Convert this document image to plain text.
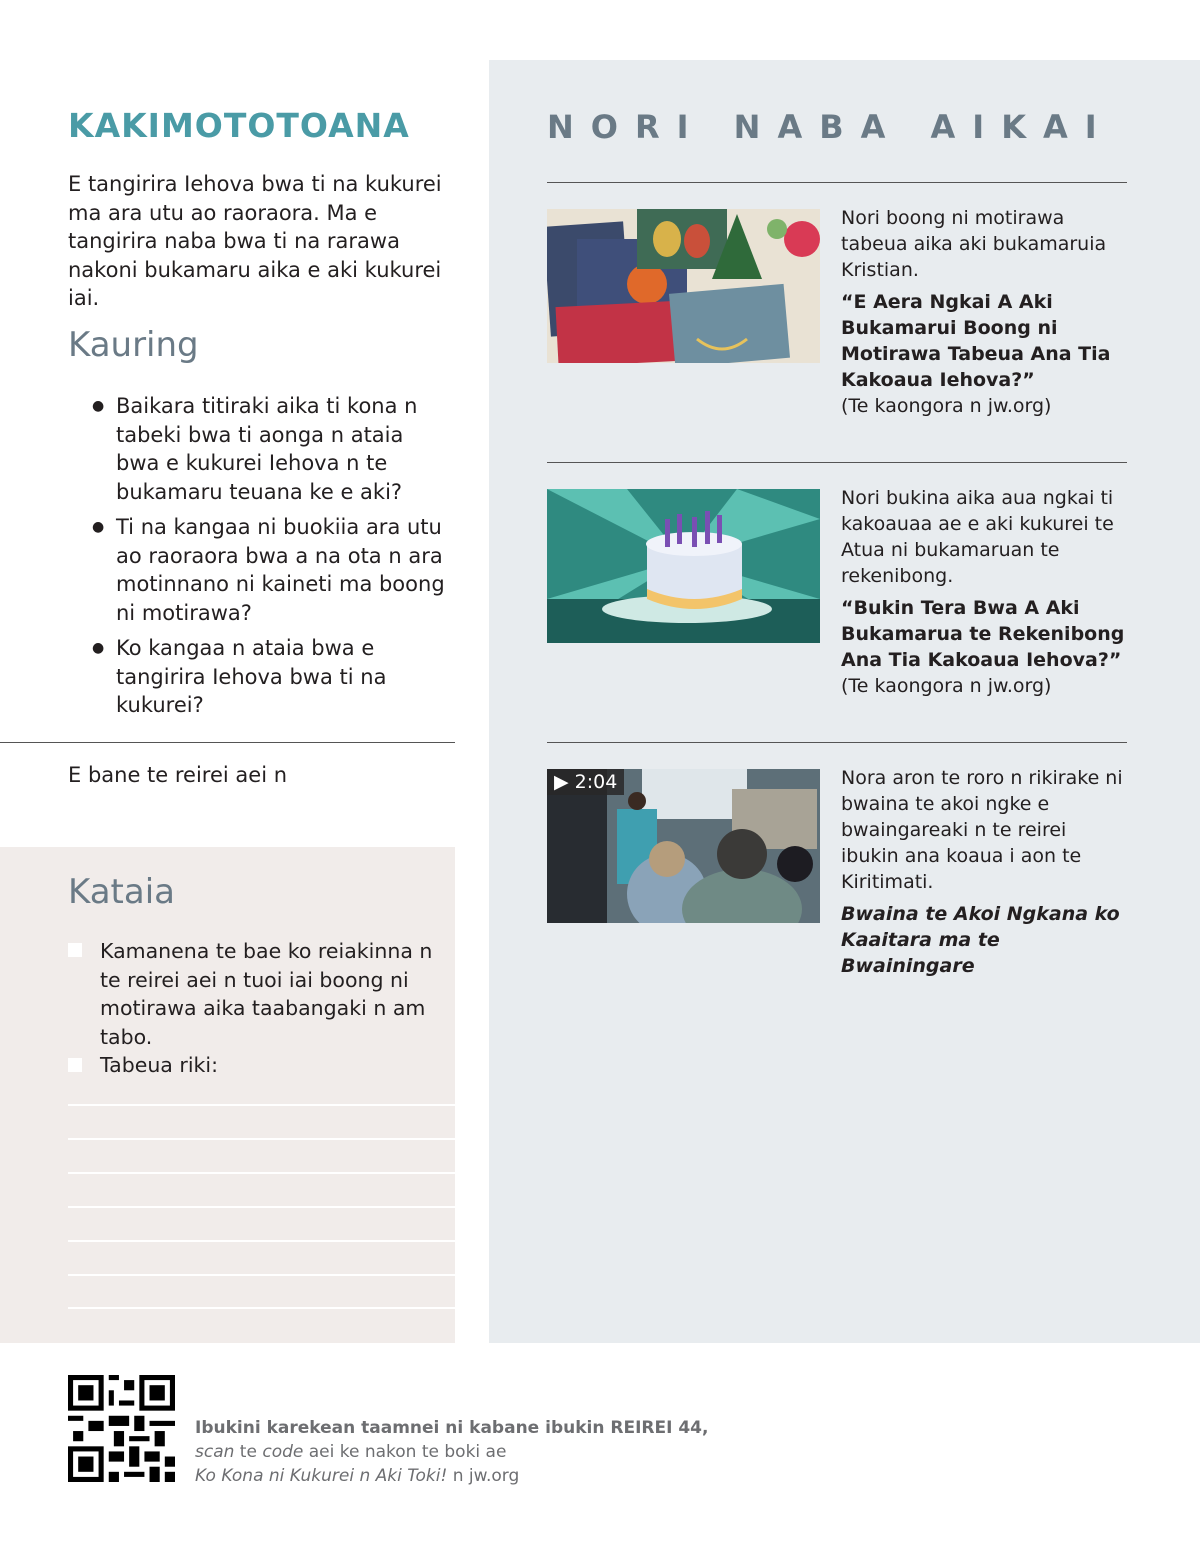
KAKIMOTOTOANA
E tangirira Iehova bwa ti na kukurei ma ara utu ao raoraora. Ma e tangirira naba bwa ti na rarawa nakoni bukamaru aika e aki kukurei iai.
Kauring
● Baikara titiraki aika ti kona n tabeki bwa ti aonga n ataia bwa e kukurei Iehova n te bukamaru teuana ke e aki?
● Ti na kangaa ni buokiia ara utu ao raoraora bwa a na ota n ara motinnano ni kaineti ma boong ni motirawa?
● Ko kangaa n ataia bwa e tangirira Iehova bwa ti na kukurei?
E bane te reirei aei n
Kataia
Kamanena te bae ko reiakinna n te reirei aei n tuoi iai boong ni motirawa aika taabangaki n am tabo.
Tabeua riki:
NORI NABA AIKAI
Nori boong ni motirawa tabeua aika aki bukamaruia Kristian.
“E Aera Ngkai A Aki Bukamarui Boong ni Motirawa Tabeua Ana Tia Kakoaua Iehova?”
(Te kaongora n jw.org)
Nori bukina aika aua ngkai ti kakoauaa ae e aki kukurei te Atua ni bukamaruan te rekenibong.
“Bukin Tera Bwa A Aki Bukamarua te Rekenibong Ana Tia Kakoaua Iehova?”
(Te kaongora n jw.org)
▶ 2:04	Nora aron te roro n rikirake ni bwaina te akoi ngke e bwaingareaki n te reirei ibukin ana koaua i aon te Kiritimati.
Bwaina te Akoi Ngkana ko Kaaitara ma te Bwainingare
Ibukini karekean taamnei ni kabane ibukin REIREI 44,
scan te code aei ke nakon te boki ae
Ko Kona ni Kukurei n Aki Toki! n jw.org
